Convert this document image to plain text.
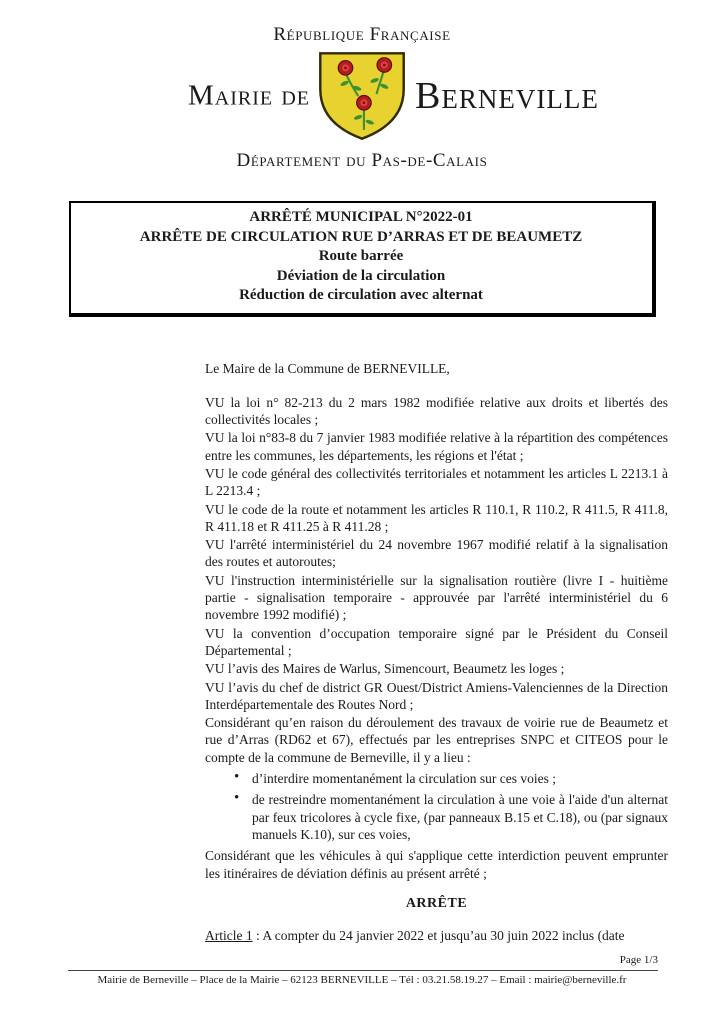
République Française
Mairie de	Berneville
Département du Pas-de-Calais
ARRÊTÉ MUNICIPAL N°2022-01
ARRÊTE DE CIRCULATION RUE D’ARRAS ET DE BEAUMETZ
Route barrée
Déviation de la circulation
Réduction de circulation avec alternat
Le Maire de la Commune de BERNEVILLE,

VU la loi n° 82-213 du 2 mars 1982 modifiée relative aux droits et libertés des collectivités locales ;

VU la loi n°83-8 du 7 janvier 1983 modifiée relative à la répartition des compétences entre les communes, les départements, les régions et l'état ;

VU le code général des collectivités territoriales et notamment les articles L 2213.1 à L 2213.4 ;

VU le code de la route et notamment les articles R 110.1, R 110.2, R 411.5, R 411.8, R 411.18 et R 411.25 à R 411.28 ;

VU l'arrêté interministériel du 24 novembre 1967 modifié relatif à la signalisation des routes et autoroutes;

VU l'instruction interministérielle sur la signalisation routière (livre I - huitième partie - signalisation temporaire - approuvée par l'arrêté interministériel du 6 novembre 1992 modifié) ;

VU la convention d’occupation temporaire signé par le Président du Conseil Départemental ;

VU l’avis des Maires de Warlus, Simencourt, Beaumetz les loges ;

VU l’avis du chef de district GR Ouest/District Amiens-Valenciennes de la Direction Interdépartementale des Routes Nord ;

Considérant qu’en raison du déroulement des travaux de voirie rue de Beaumetz et rue d’Arras (RD62 et 67), effectués par les entreprises SNPC et CITEOS pour le compte de la commune de Berneville, il y a lieu :

• d’interdire momentanément la circulation sur ces voies ;
• de restreindre momentanément la circulation à une voie à l'aide d'un alternat par feux tricolores à cycle fixe, (par panneaux B.15 et C.18), ou (par signaux manuels K.10), sur ces voies,

Considérant que les véhicules à qui s'applique cette interdiction peuvent emprunter les itinéraires de déviation définis au présent arrêté ;

ARRÊTE

Article 1 : A compter du 24 janvier 2022 et jusqu’au 30 juin 2022 inclus (date

Page 1/3
Mairie de Berneville – Place de la Mairie – 62123 BERNEVILLE – Tél : 03.21.58.19.27 – Email : mairie@berneville.fr
